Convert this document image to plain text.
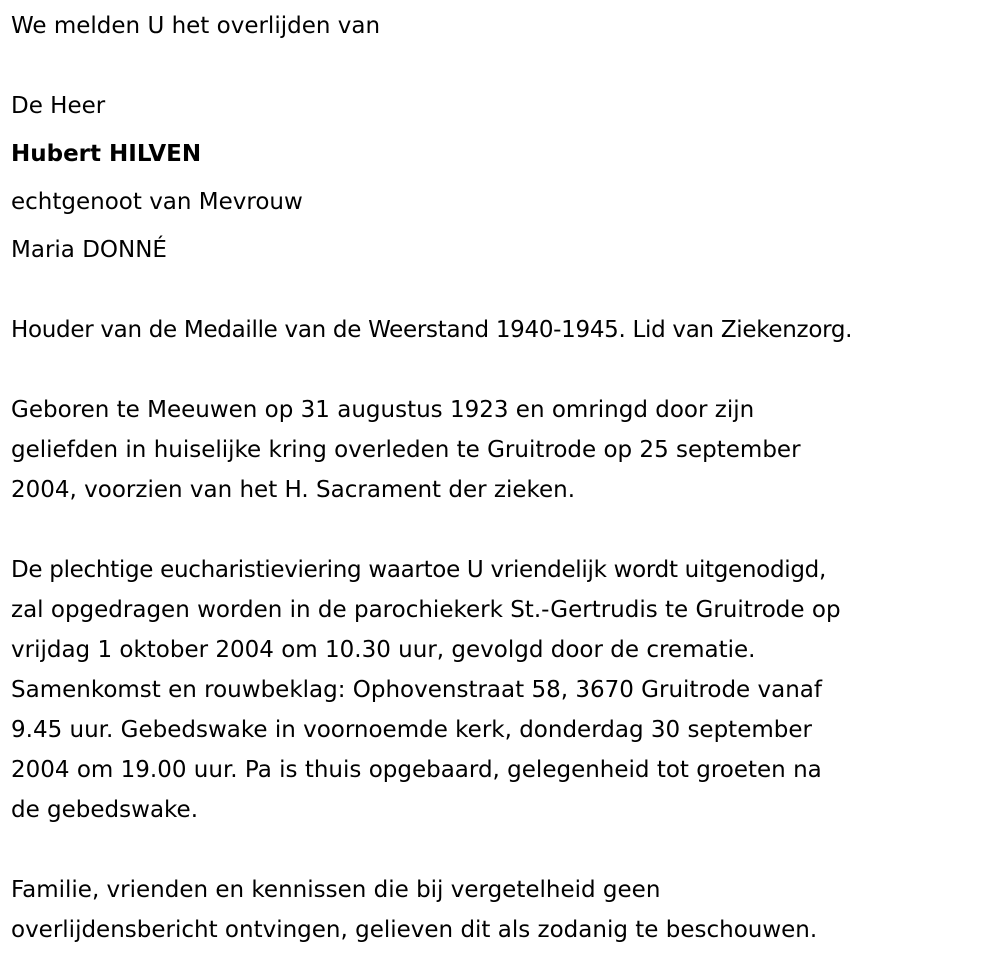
We melden U het overlijden van

De Heer

Hubert HILVEN

echtgenoot van Mevrouw

Maria DONNÉ

Houder van de Medaille van de Weerstand 1940-1945. Lid van Ziekenzorg.

Geboren te Meeuwen op 31 augustus 1923 en omringd door zijn

geliefden in huiselijke kring overleden te Gruitrode op 25 september

2004, voorzien van het H. Sacrament der zieken.

De plechtige eucharistieviering waartoe U vriendelijk wordt uitgenodigd,

zal opgedragen worden in de parochiekerk St.-Gertrudis te Gruitrode op

vrijdag 1 oktober 2004 om 10.30 uur, gevolgd door de crematie.

Samenkomst en rouwbeklag: Ophovenstraat 58, 3670 Gruitrode vanaf

9.45 uur. Gebedswake in voornoemde kerk, donderdag 30 september

2004 om 19.00 uur. Pa is thuis opgebaard, gelegenheid tot groeten na

de gebedswake.

Familie, vrienden en kennissen die bij vergetelheid geen

overlijdensbericht ontvingen, gelieven dit als zodanig te beschouwen.
